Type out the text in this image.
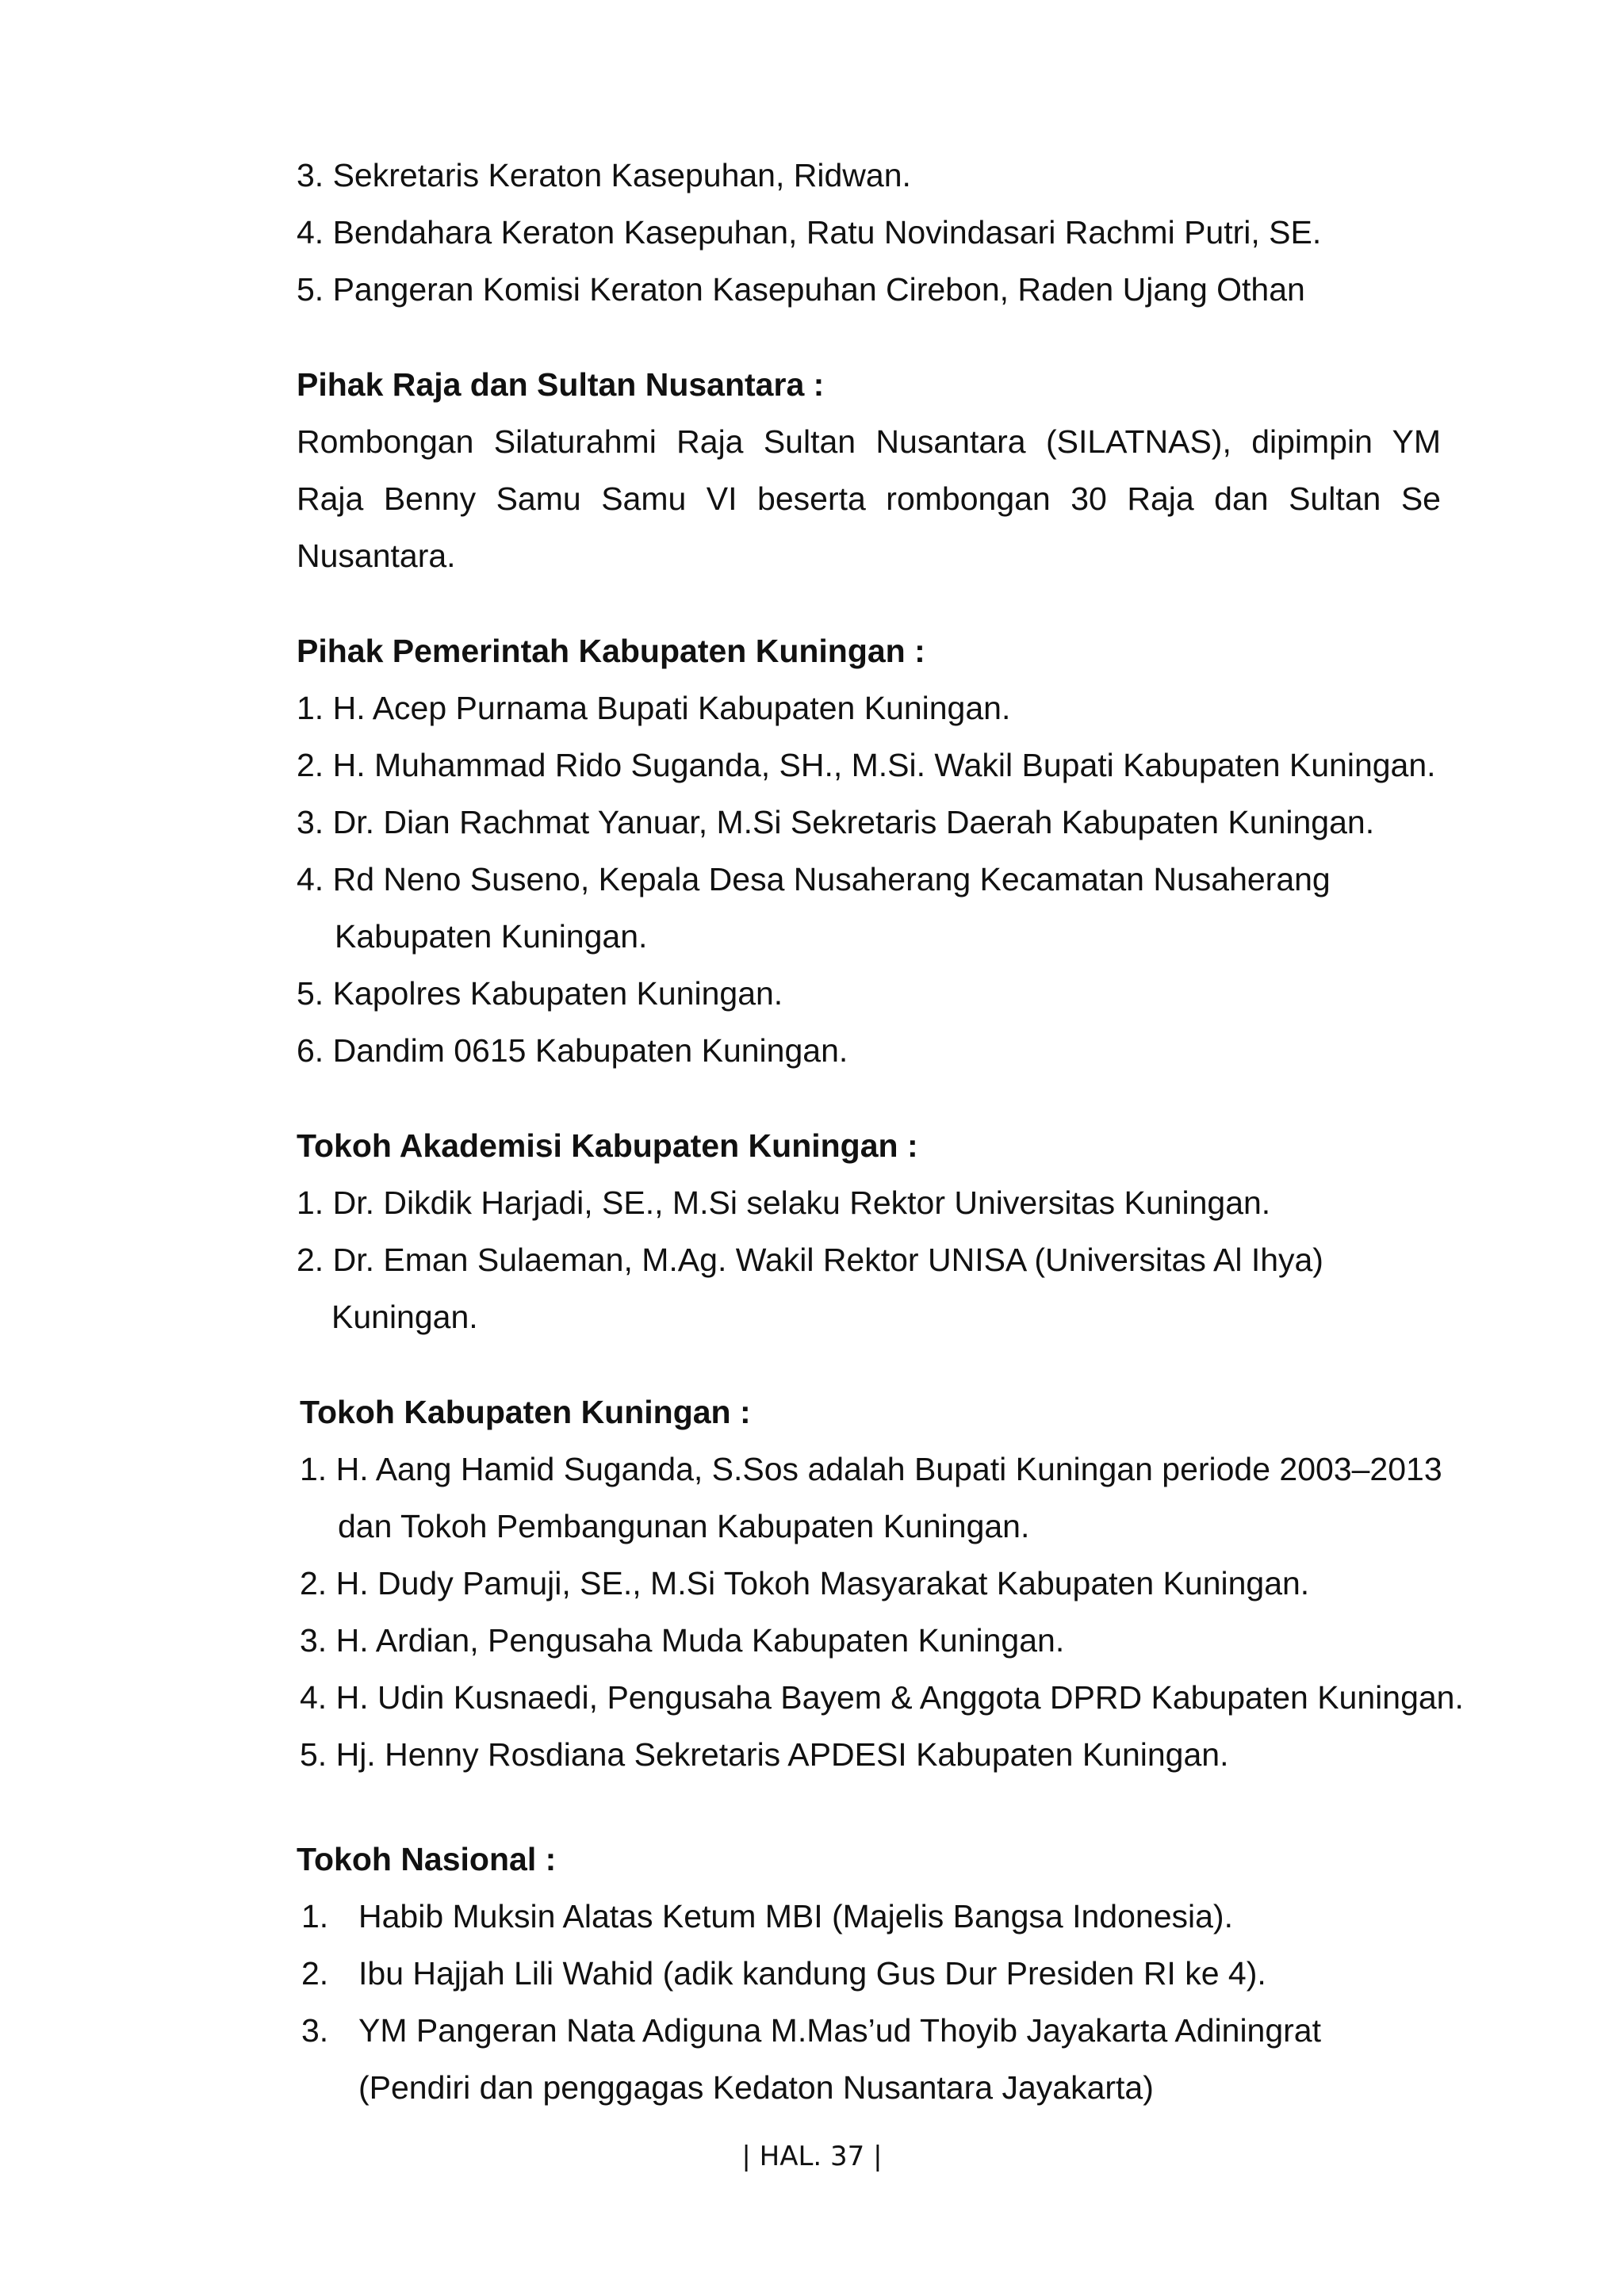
3. Sekretaris Keraton Kasepuhan, Ridwan.

4. Bendahara Keraton Kasepuhan, Ratu Novindasari Rachmi Putri, SE.

5. Pangeran Komisi Keraton Kasepuhan Cirebon, Raden Ujang Othan

Pihak Raja dan Sultan Nusantara :

Rombongan Silaturahmi Raja Sultan Nusantara (SILATNAS), dipimpin YM

Raja Benny Samu Samu VI beserta rombongan 30 Raja dan Sultan Se

Nusantara.

Pihak Pemerintah Kabupaten Kuningan :

1. H. Acep Purnama Bupati Kabupaten Kuningan.

2. H. Muhammad Rido Suganda, SH., M.Si. Wakil Bupati Kabupaten Kuningan.

3. Dr. Dian Rachmat Yanuar, M.Si Sekretaris Daerah Kabupaten Kuningan.

4. Rd Neno Suseno, Kepala Desa Nusaherang Kecamatan Nusaherang

Kabupaten Kuningan.

5. Kapolres Kabupaten Kuningan.

6. Dandim 0615 Kabupaten Kuningan.

Tokoh Akademisi Kabupaten Kuningan :

1. Dr. Dikdik Harjadi, SE., M.Si selaku Rektor Universitas Kuningan.

2. Dr. Eman Sulaeman, M.Ag. Wakil Rektor UNISA (Universitas Al Ihya)

Kuningan.

Tokoh Kabupaten Kuningan :

1. H. Aang Hamid Suganda, S.Sos adalah Bupati Kuningan periode 2003–2013

dan Tokoh Pembangunan Kabupaten Kuningan.

2. H. Dudy Pamuji, SE., M.Si Tokoh Masyarakat Kabupaten Kuningan.

3. H. Ardian, Pengusaha Muda Kabupaten Kuningan.

4. H. Udin Kusnaedi, Pengusaha Bayem & Anggota DPRD Kabupaten Kuningan.

5. Hj. Henny Rosdiana Sekretaris APDESI Kabupaten Kuningan.

Tokoh Nasional :

1. Habib Muksin Alatas Ketum MBI (Majelis Bangsa Indonesia).
2. Ibu Hajjah Lili Wahid (adik kandung Gus Dur Presiden RI ke 4).
3. YM Pangeran Nata Adiguna M.Mas’ud Thoyib Jayakarta Adiningrat

(Pendiri dan penggagas Kedaton Nusantara Jayakarta)

| HAL. 37 |
